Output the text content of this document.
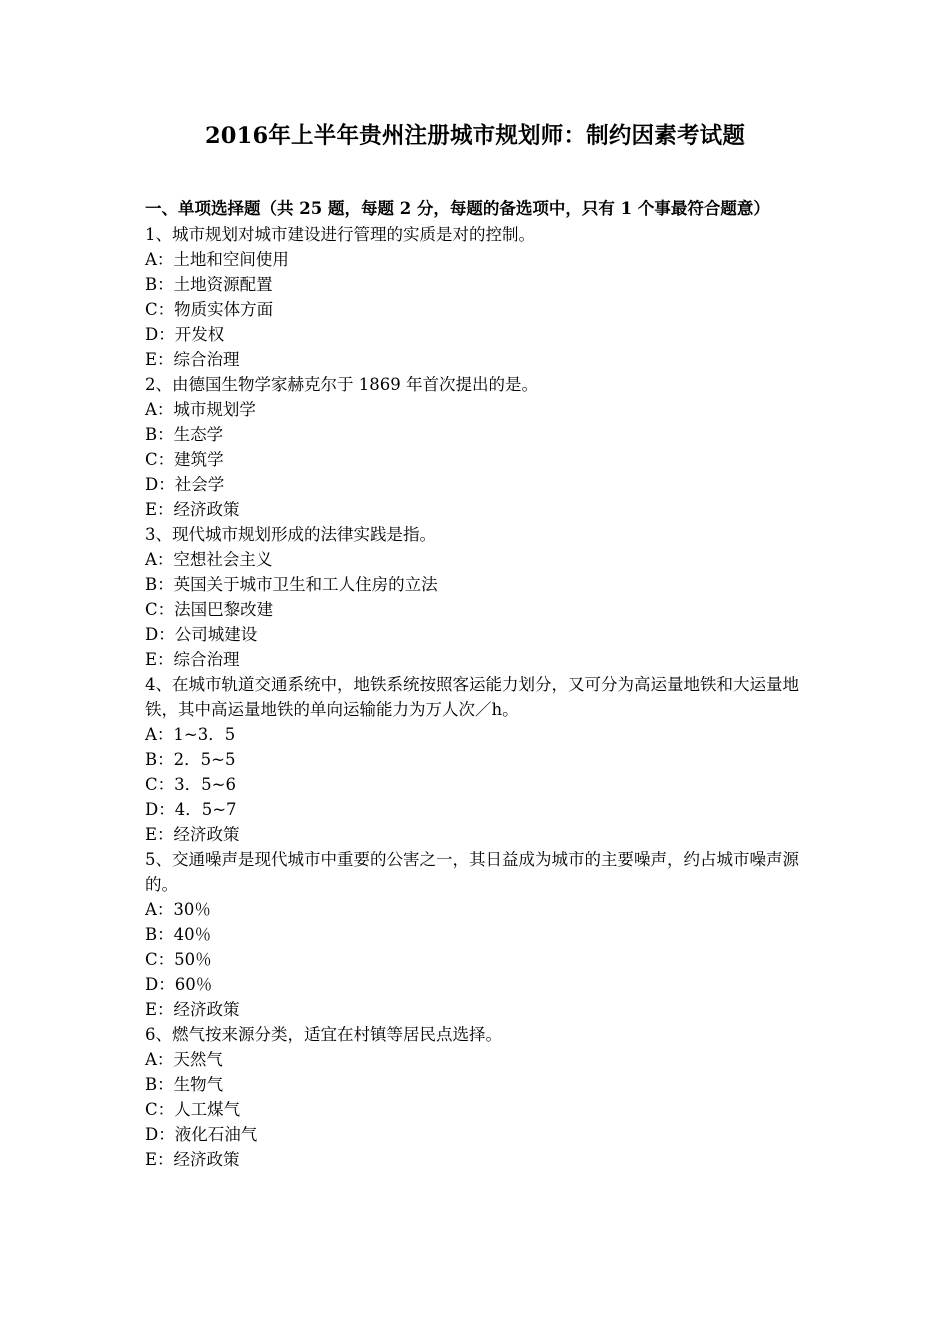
2016年上半年贵州注册城市规划师：制约因素考试题
一、单项选择题（共 25 题，每题 2 分，每题的备选项中，只有 1 个事最符合题意）
1、城市规划对城市建设进行管理的实质是对的控制。
A：土地和空间使用
B：土地资源配置
C：物质实体方面
D：开发权
E：综合治理
2、由德国生物学家赫克尔于 1869 年首次提出的是。
A：城市规划学
B：生态学
C：建筑学
D：社会学
E：经济政策
3、现代城市规划形成的法律实践是指。
A：空想社会主义
B：英国关于城市卫生和工人住房的立法
C：法国巴黎改建
D：公司城建设
E：综合治理
4、在城市轨道交通系统中，地铁系统按照客运能力划分，又可分为高运量地铁和大运量地铁，其中高运量地铁的单向运输能力为万人次／h。
A：1~3．5
B：2．5~5
C：3．5~6
D：4．5~7
E：经济政策
5、交通噪声是现代城市中重要的公害之一，其日益成为城市的主要噪声，约占城市噪声源的。
A：30％
B：40％
C：50％
D：60％
E：经济政策
6、燃气按来源分类，适宜在村镇等居民点选择。
A：天然气
B：生物气
C：人工煤气
D：液化石油气
E：经济政策
